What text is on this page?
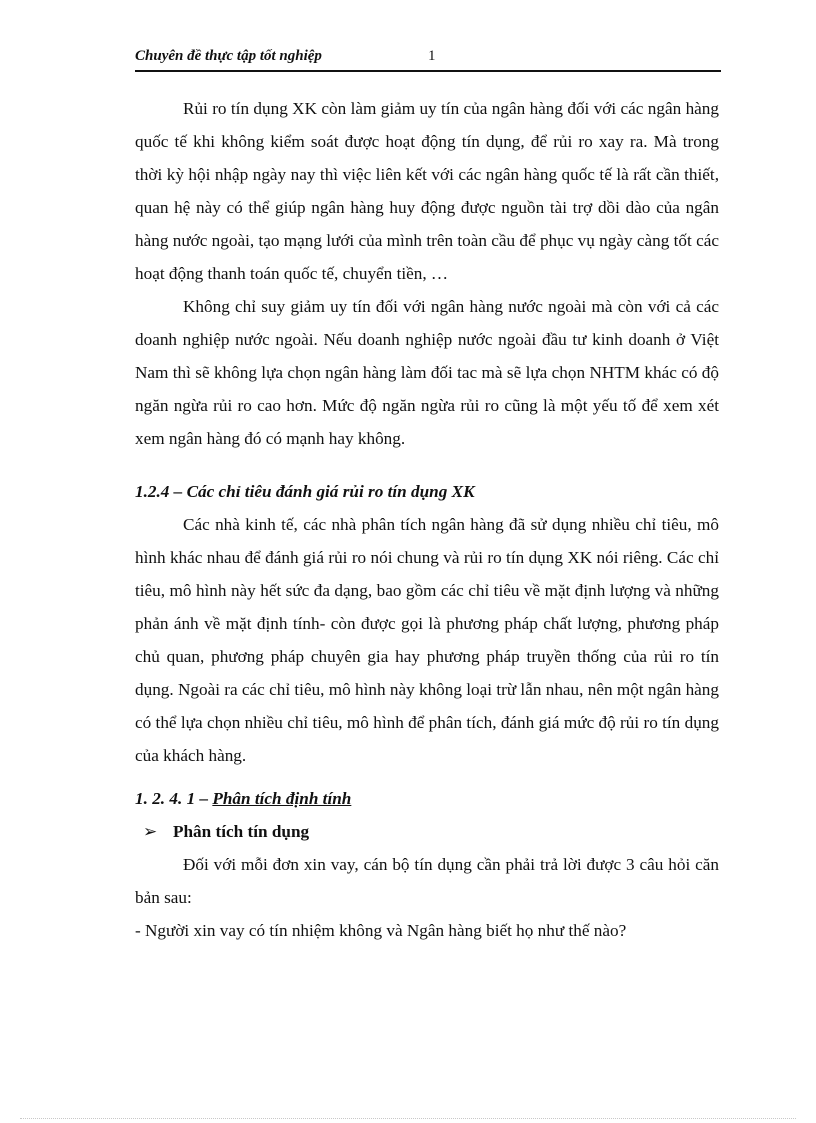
Chuyên đề thực tập tốt nghiệp	1

Rủi ro tín dụng XK còn làm giảm uy tín của ngân hàng đối với các ngân hàng quốc tế khi không kiểm soát được hoạt động tín dụng, để rủi ro xay ra. Mà trong thời kỳ hội nhập ngày nay thì việc liên kết với các ngân hàng quốc tế là rất cần thiết, quan hệ này có thể giúp ngân hàng huy động được nguồn tài trợ dồi dào của ngân hàng nước ngoài, tạo mạng lưới của mình trên toàn cầu để phục vụ ngày càng tốt các hoạt động thanh toán quốc tế, chuyển tiền, …

Không chỉ suy giảm uy tín đối với ngân hàng nước ngoài mà còn với cả các doanh nghiệp nước ngoài. Nếu doanh nghiệp nước ngoài đầu tư kinh doanh ở Việt Nam thì sẽ không lựa chọn ngân hàng làm đối tac mà sẽ lựa chọn NHTM khác có độ ngăn ngừa rủi ro cao hơn. Mức độ ngăn ngừa rủi ro cũng là một yếu tố để xem xét xem ngân hàng đó có mạnh hay không.

1.2.4 – Các chỉ tiêu đánh giá rủi ro tín dụng XK

Các nhà kinh tế, các nhà phân tích ngân hàng đã sử dụng nhiều chỉ tiêu, mô hình khác nhau để đánh giá rủi ro nói chung và rủi ro tín dụng XK nói riêng. Các chỉ tiêu, mô hình này hết sức đa dạng, bao gồm các chỉ tiêu về mặt định lượng và những phản ánh về mặt định tính- còn được gọi là phương pháp chất lượng, phương pháp chủ quan, phương pháp chuyên gia hay phương pháp truyền thống của rủi ro tín dụng. Ngoài ra các chỉ tiêu, mô hình này không loại trừ lẫn nhau, nên một ngân hàng có thể lựa chọn nhiều chỉ tiêu, mô hình để phân tích, đánh giá mức độ rủi ro tín dụng của khách hàng.

1. 2. 4. 1 – Phân tích định tính
➢ Phân tích tín dụng

Đối với mỗi đơn xin vay, cán bộ tín dụng cần phải trả lời được 3 câu hỏi căn bản sau:

- Người xin vay có tín nhiệm không và Ngân hàng biết họ như thế nào?
